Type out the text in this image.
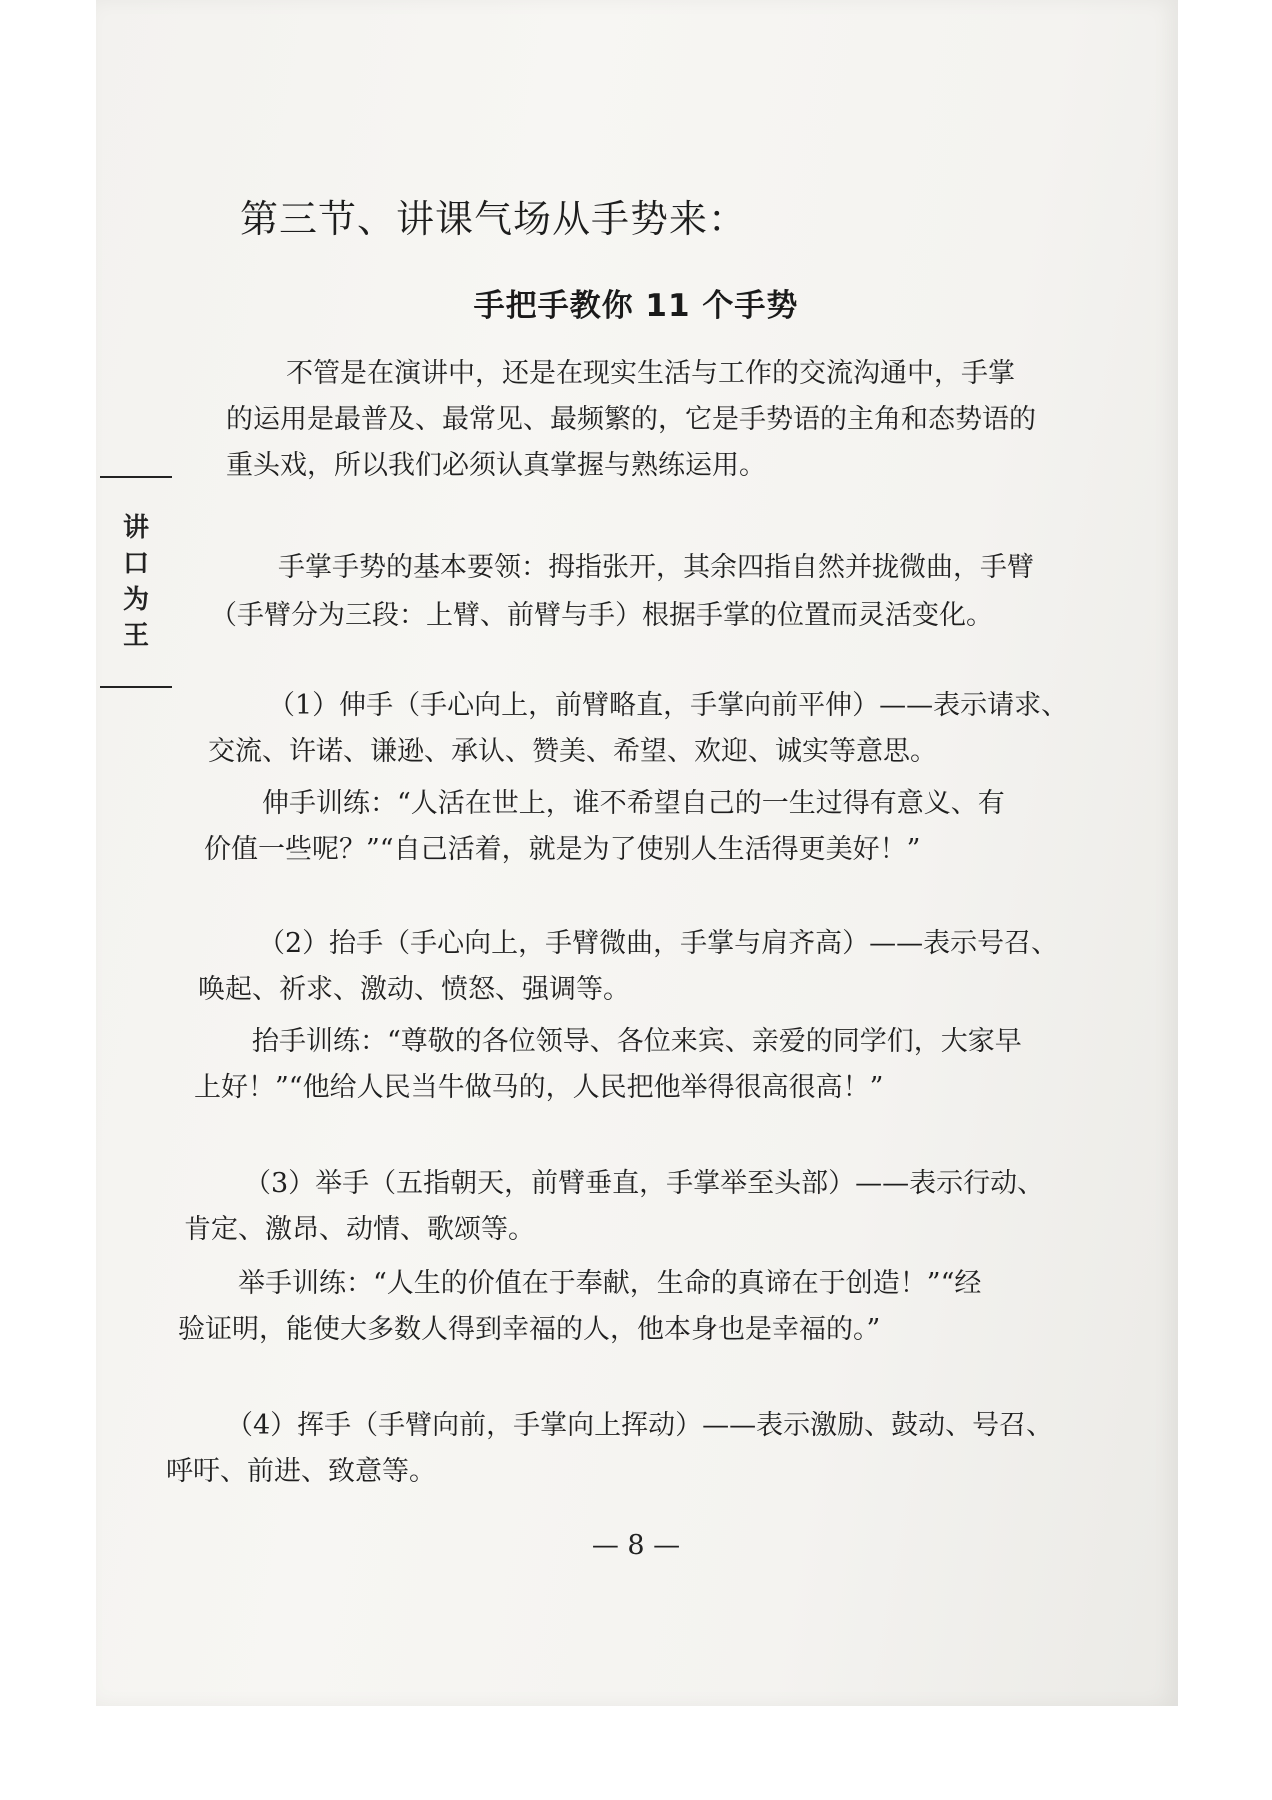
第三节、讲课气场从手势来：
手把手教你 11 个手势
讲
口
为
王
不管是在演讲中，还是在现实生活与工作的交流沟通中，手掌
的运用是最普及、最常见、最频繁的，它是手势语的主角和态势语的
重头戏，所以我们必须认真掌握与熟练运用。
手掌手势的基本要领：拇指张开，其余四指自然并拢微曲，手臂
（手臂分为三段：上臂、前臂与手）根据手掌的位置而灵活变化。
（1）伸手（手心向上，前臂略直，手掌向前平伸）——表示请求、
交流、许诺、谦逊、承认、赞美、希望、欢迎、诚实等意思。
伸手训练：“人活在世上，谁不希望自己的一生过得有意义、有
价值一些呢？”“自己活着，就是为了使别人生活得更美好！”
（2）抬手（手心向上，手臂微曲，手掌与肩齐高）——表示号召、
唤起、祈求、激动、愤怒、强调等。
抬手训练：“尊敬的各位领导、各位来宾、亲爱的同学们，大家早
上好！”“他给人民当牛做马的，人民把他举得很高很高！”
（3）举手（五指朝天，前臂垂直，手掌举至头部）——表示行动、
肯定、激昂、动情、歌颂等。
举手训练：“人生的价值在于奉献，生命的真谛在于创造！”“经
验证明，能使大多数人得到幸福的人，他本身也是幸福的。”
（4）挥手（手臂向前，手掌向上挥动）——表示激励、鼓动、号召、
呼吁、前进、致意等。
— 8 —
